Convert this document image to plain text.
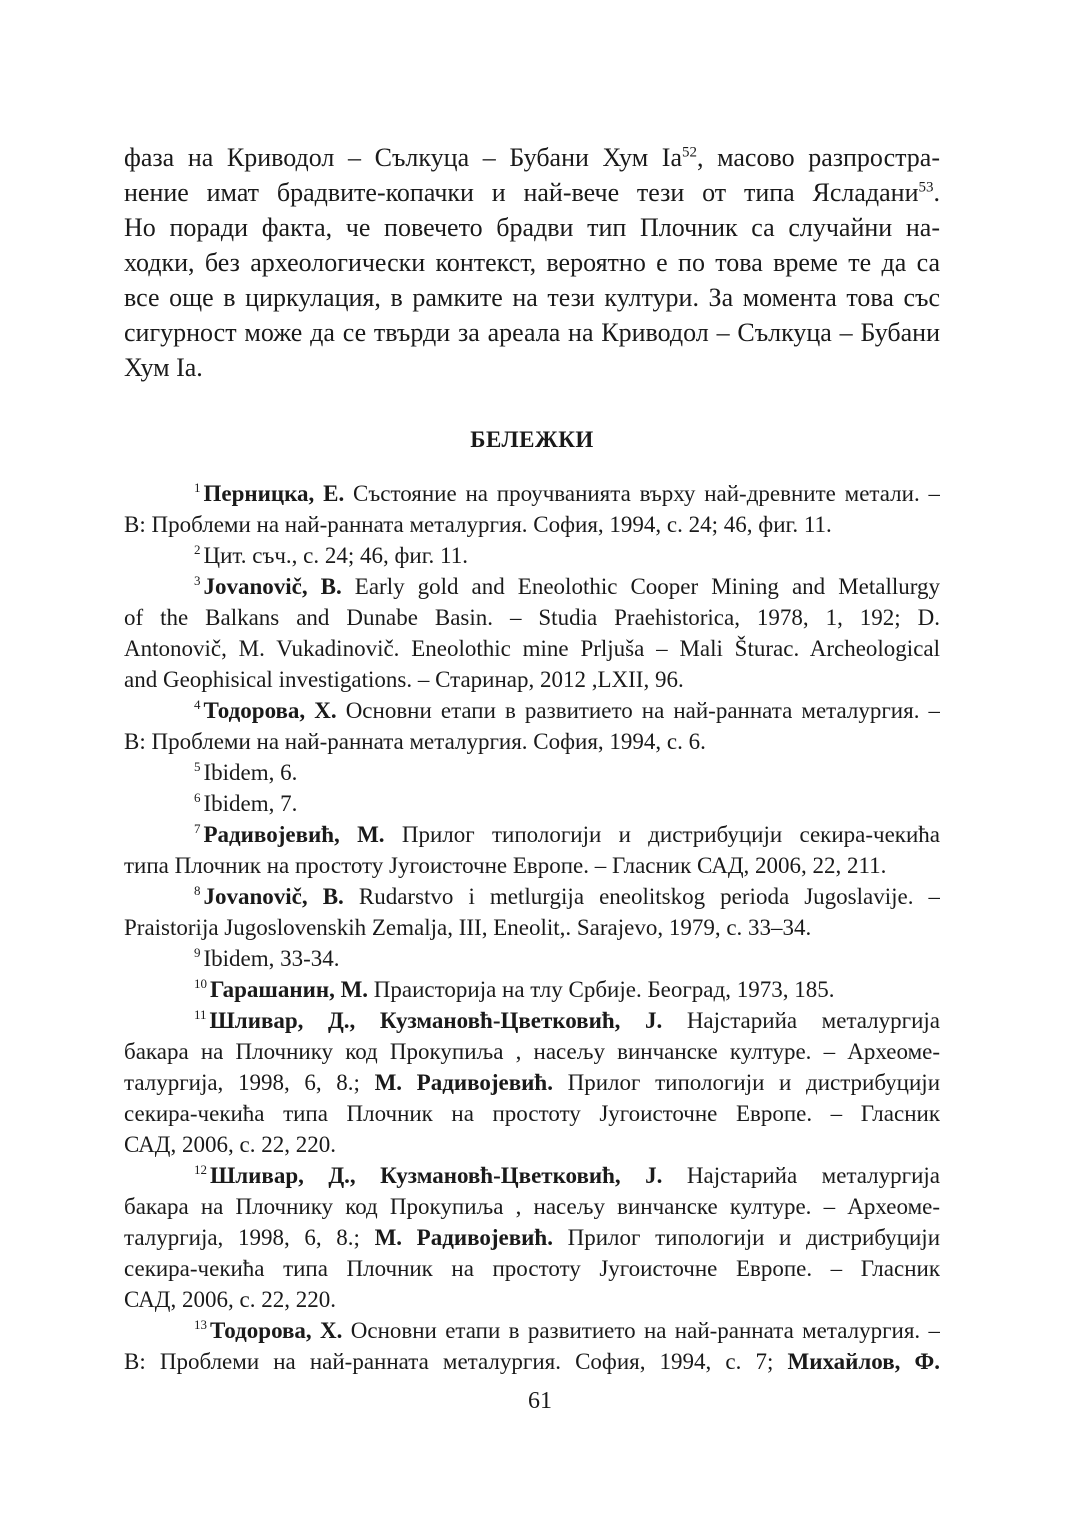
фаза на Криводол – Сълкуца – Бубани Хум Ia$^{52}$, масово разпростра-
нение имат брадвите-копачки и най-вече тези от типа Ясладани$^{53}$.
Но поради факта, че повечето брадви тип Плочник са случайни на-
ходки, без археологически контекст, вероятно е по това време те да са
все още в циркулация, в рамките на тези култури. За момента това със
сигурност може да се твърди за ареала на Криводол – Сълкуца – Бубани
Хум Ia.
БЕЛЕЖКИ
$^1$ Перницка, Е. Състояние на проучванията върху най-древните метали. –
В: Проблеми на най-ранната металургия. София, 1994, с. 24; 46, фиг. 11.
$^2$ Цит. съч., с. 24; 46, фиг. 11.
$^3$ Jovanovič, B. Early gold and Eneolothic Cooper Mining and Metallurgy
of the Balkans and Dunabe Basin. – Studia Praehistorica, 1978, 1, 192; D.
Antonovič, M. Vukadinovič. Eneolothic mine Prljuša – Mali Šturac. Archeological
and Geophisical investigations. – Старинар, 2012 ,LXII, 96.
$^4$ Тодорова, Х. Основни етапи в развитието на най-ранната металургия. –
В: Проблеми на най-ранната металургия. София, 1994, с. 6.
$^5$ Ibidem, 6.
$^6$ Ibidem, 7.
$^7$ Радивојевић, М. Прилог типологији и дистрибуцији секира-чекића
типа Плочник на простоту Југоисточне Европе. – Гласник САД, 2006, 22, 211.
$^8$ Jovanovič, B. Rudarstvo i metlurgija eneolitskog perioda Jugoslavije. –
Praistorija Jugoslovenskih Zemalja, III, Eneolit,. Sarajevo, 1979, с. 33–34.
$^9$ Ibidem, 33-34.
$^{10}$ Гарашанин, М. Праисторија на тлу Србије. Београд, 1973, 185.
$^{11}$ Шливар, Д., Кузмановћ-Цветковић, Ј. Најстарийа металургија
бакара на Плочнику код Прокупиља , насељу винчанске културе. – Археоме-
талургија, 1998, 6, 8.; М. Радивојевић. Прилог типологији и дистрибуцији
секира-чекића типа Плочник на простоту Југоисточне Европе. – Гласник
САД, 2006, с. 22, 220.
$^{12}$ Шливар, Д., Кузмановћ-Цветковић, Ј. Најстарийа металургија
бакара на Плочнику код Прокупиља , насељу винчанске културе. – Археоме-
талургија, 1998, 6, 8.; М. Радивојевић. Прилог типологији и дистрибуцији
секира-чекића типа Плочник на простоту Југоисточне Европе. – Гласник
САД, 2006, с. 22, 220.
$^{13}$ Тодорова, Х. Основни етапи в развитието на най-ранната металургия. –
В: Проблеми на най-ранната металургия. София, 1994, с. 7; Михайлов, Ф.
61
